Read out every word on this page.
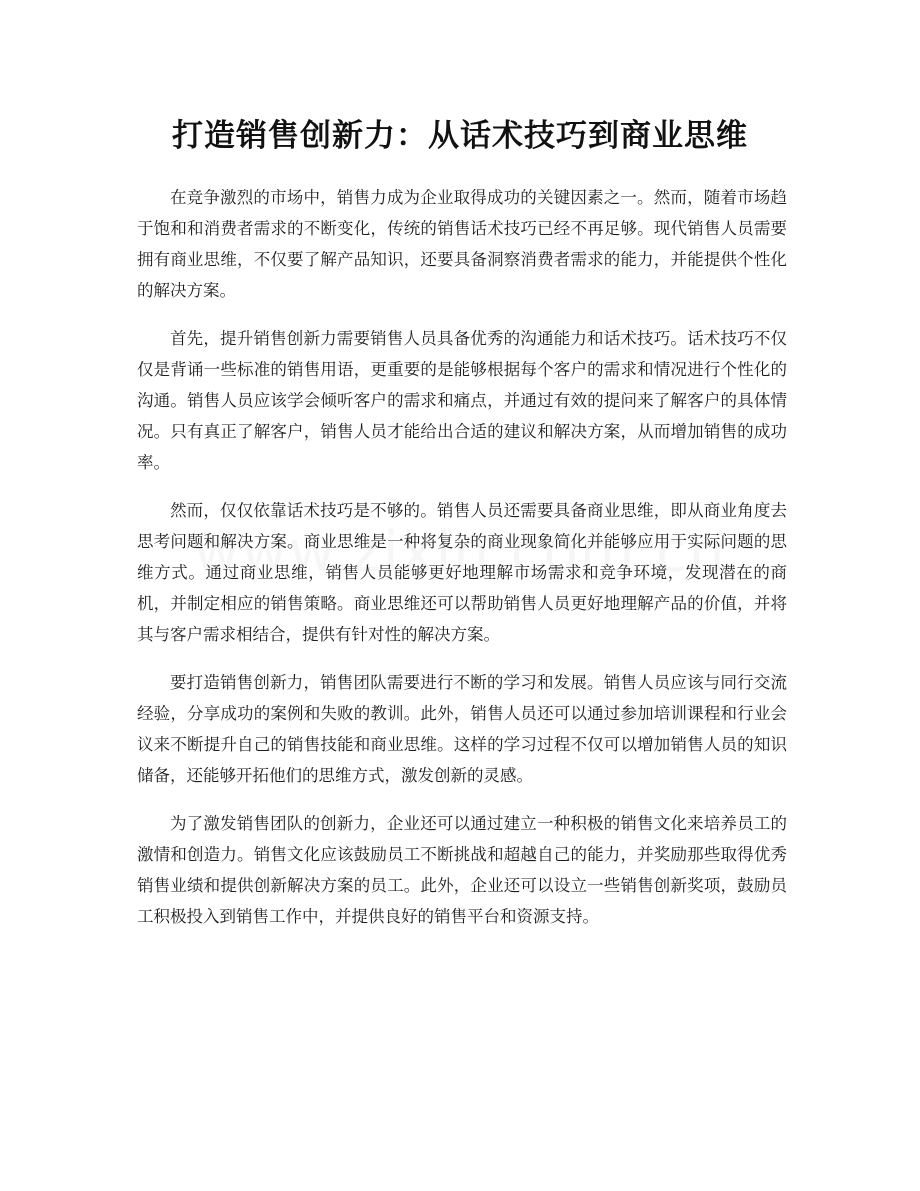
打造销售创新力：从话术技巧到商业思维

在竞争激烈的市场中，销售力成为企业取得成功的关键因素之一。然而，随着市场趋于饱和和消费者需求的不断变化，传统的销售话术技巧已经不再足够。现代销售人员需要拥有商业思维，不仅要了解产品知识，还要具备洞察消费者需求的能力，并能提供个性化的解决方案。

首先，提升销售创新力需要销售人员具备优秀的沟通能力和话术技巧。话术技巧不仅仅是背诵一些标准的销售用语，更重要的是能够根据每个客户的需求和情况进行个性化的沟通。销售人员应该学会倾听客户的需求和痛点，并通过有效的提问来了解客户的具体情况。只有真正了解客户，销售人员才能给出合适的建议和解决方案，从而增加销售的成功率。

然而，仅仅依靠话术技巧是不够的。销售人员还需要具备商业思维，即从商业角度去思考问题和解决方案。商业思维是一种将复杂的商业现象简化并能够应用于实际问题的思维方式。通过商业思维，销售人员能够更好地理解市场需求和竞争环境，发现潜在的商机，并制定相应的销售策略。商业思维还可以帮助销售人员更好地理解产品的价值，并将其与客户需求相结合，提供有针对性的解决方案。

要打造销售创新力，销售团队需要进行不断的学习和发展。销售人员应该与同行交流经验，分享成功的案例和失败的教训。此外，销售人员还可以通过参加培训课程和行业会议来不断提升自己的销售技能和商业思维。这样的学习过程不仅可以增加销售人员的知识储备，还能够开拓他们的思维方式，激发创新的灵感。

为了激发销售团队的创新力，企业还可以通过建立一种积极的销售文化来培养员工的激情和创造力。销售文化应该鼓励员工不断挑战和超越自己的能力，并奖励那些取得优秀销售业绩和提供创新解决方案的员工。此外，企业还可以设立一些销售创新奖项，鼓励员工积极投入到销售工作中，并提供良好的销售平台和资源支持。
